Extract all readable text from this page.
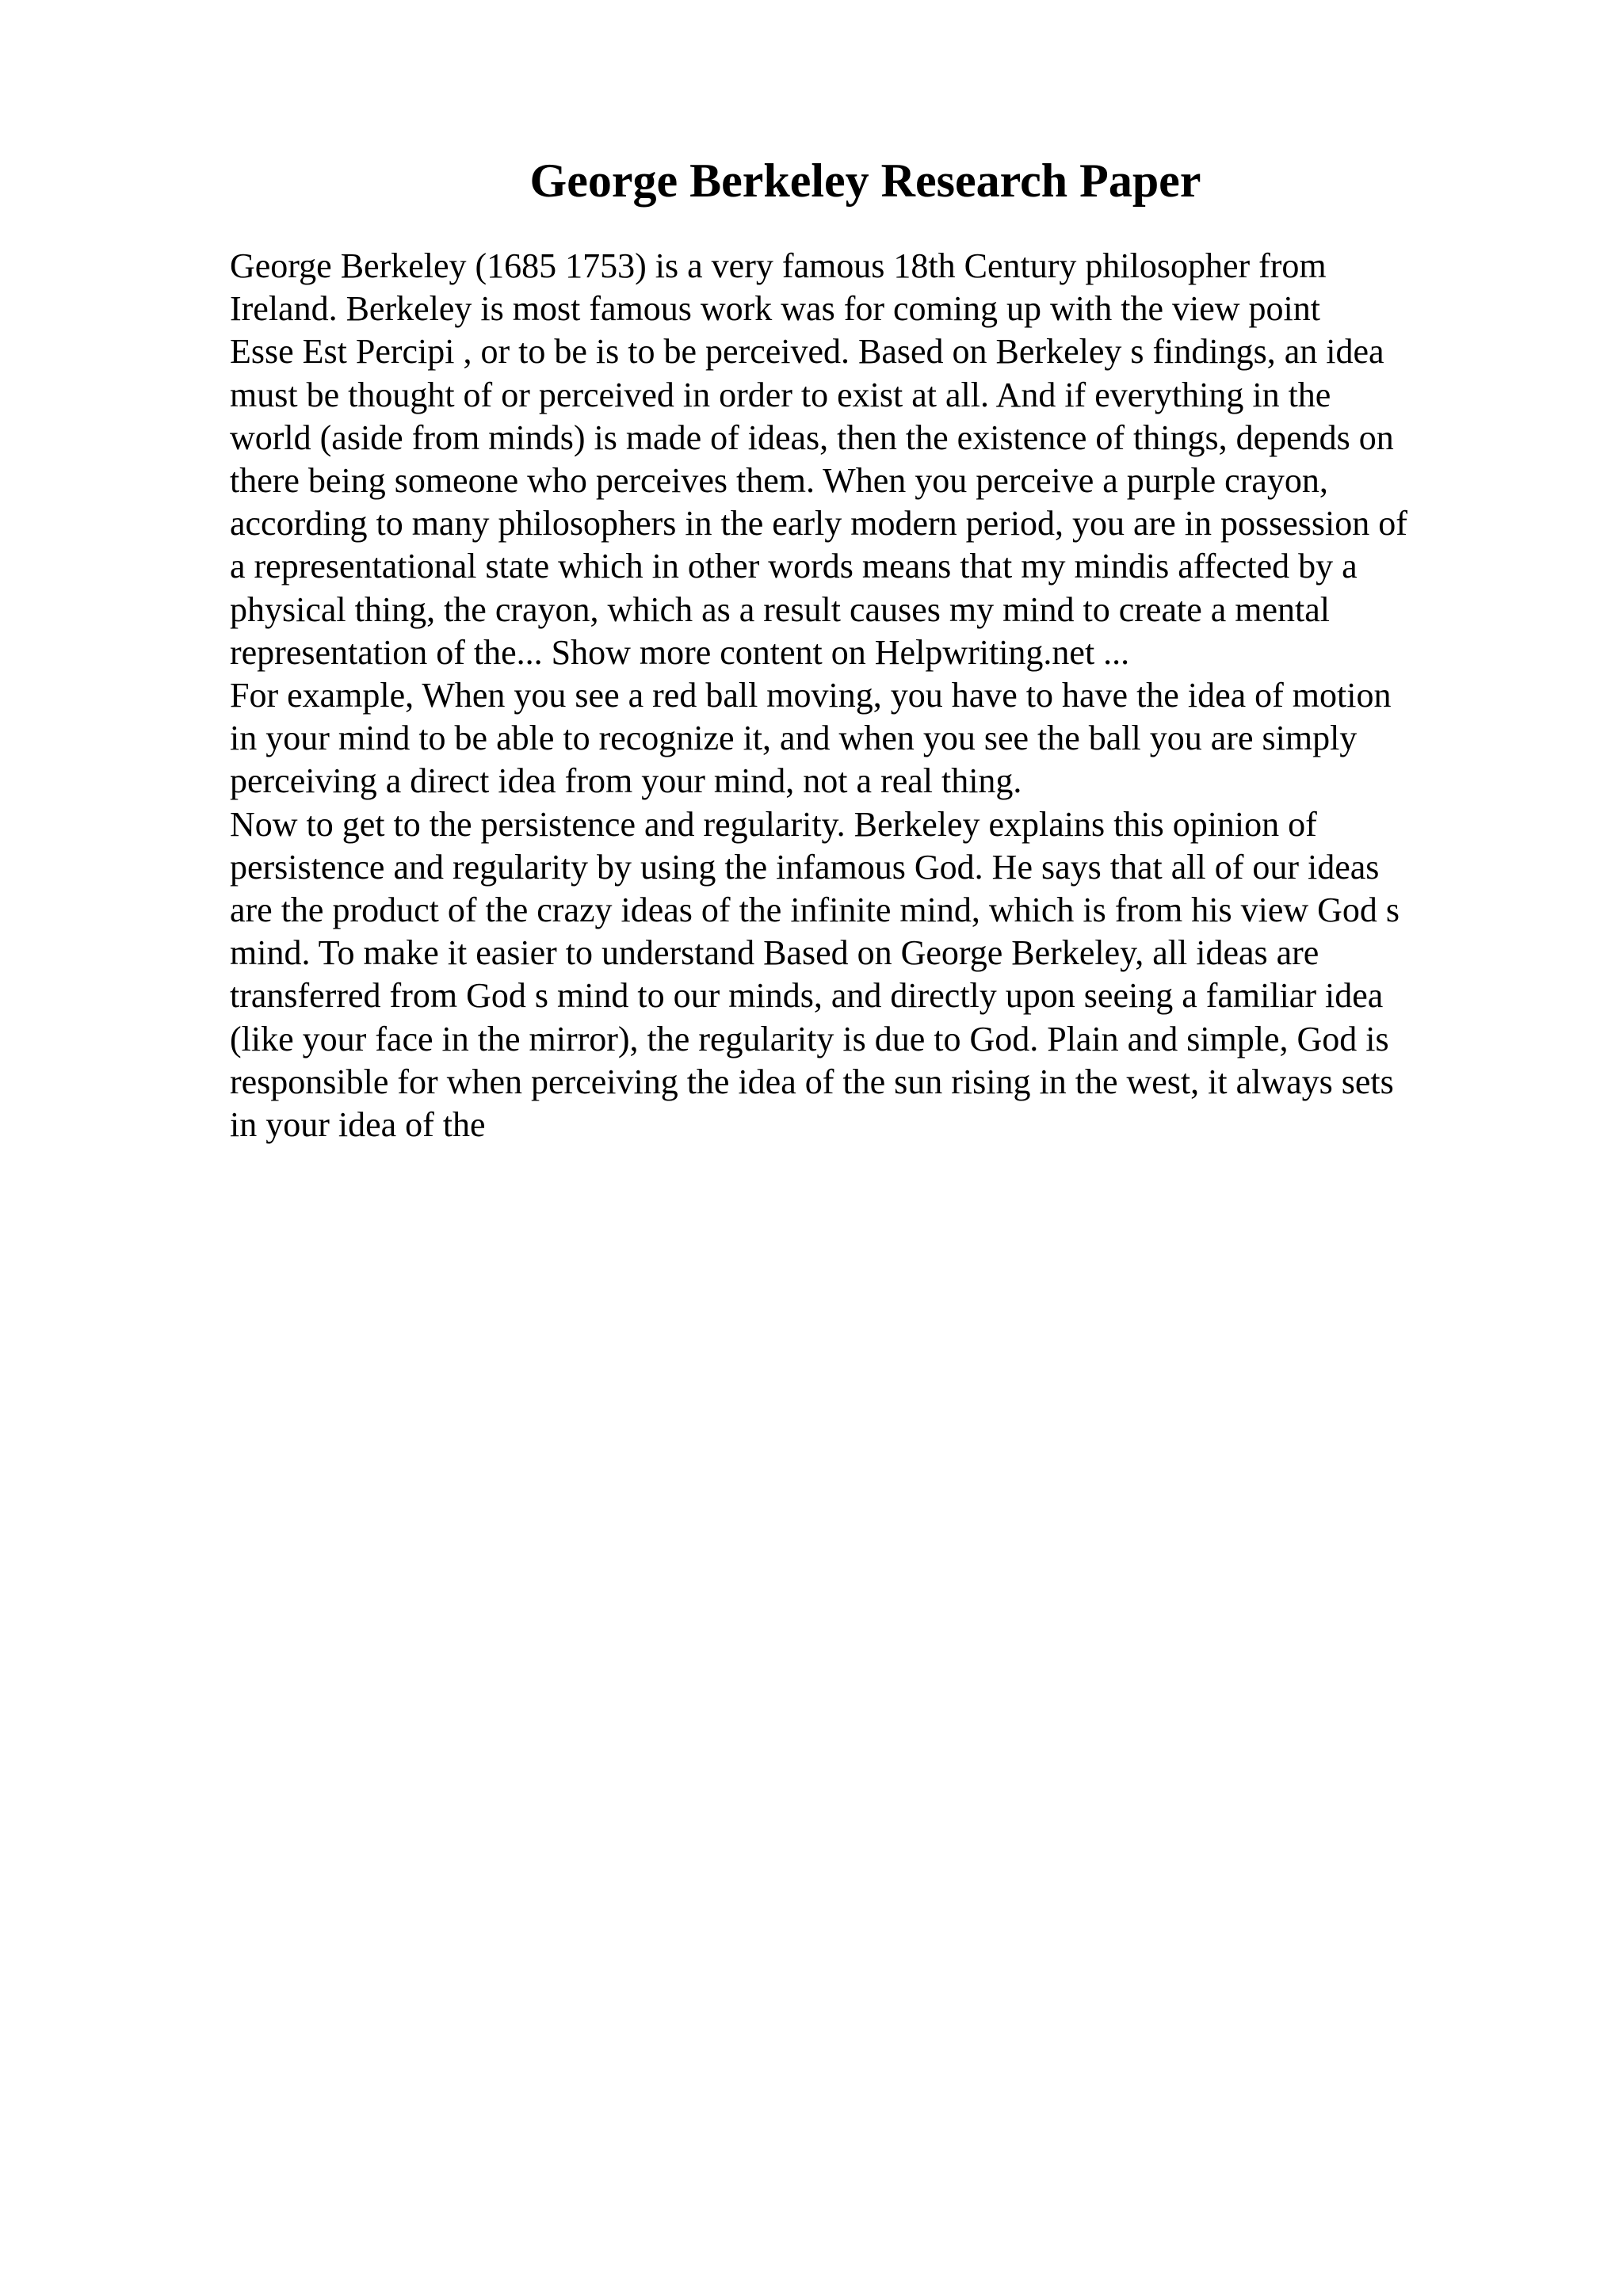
George Berkeley Research Paper
George Berkeley (1685 1753) is a very famous 18th Century philosopher from
Ireland. Berkeley is most famous work was for coming up with the view point
Esse Est Percipi , or to be is to be perceived. Based on Berkeley s findings, an idea
must be thought of or perceived in order to exist at all. And if everything in the
world (aside from minds) is made of ideas, then the existence of things, depends on
there being someone who perceives them. When you perceive a purple crayon,
according to many philosophers in the early modern period, you are in possession of
a representational state which in other words means that my mindis affected by a
physical thing, the crayon, which as a result causes my mind to create a mental
representation of the... Show more content on Helpwriting.net ...
For example, When you see a red ball moving, you have to have the idea of motion
in your mind to be able to recognize it, and when you see the ball you are simply
perceiving a direct idea from your mind, not a real thing.
Now to get to the persistence and regularity. Berkeley explains this opinion of
persistence and regularity by using the infamous God. He says that all of our ideas
are the product of the crazy ideas of the infinite mind, which is from his view God s
mind. To make it easier to understand Based on George Berkeley, all ideas are
transferred from God s mind to our minds, and directly upon seeing a familiar idea
(like your face in the mirror), the regularity is due to God. Plain and simple, God is
responsible for when perceiving the idea of the sun rising in the west, it always sets
in your idea of the
